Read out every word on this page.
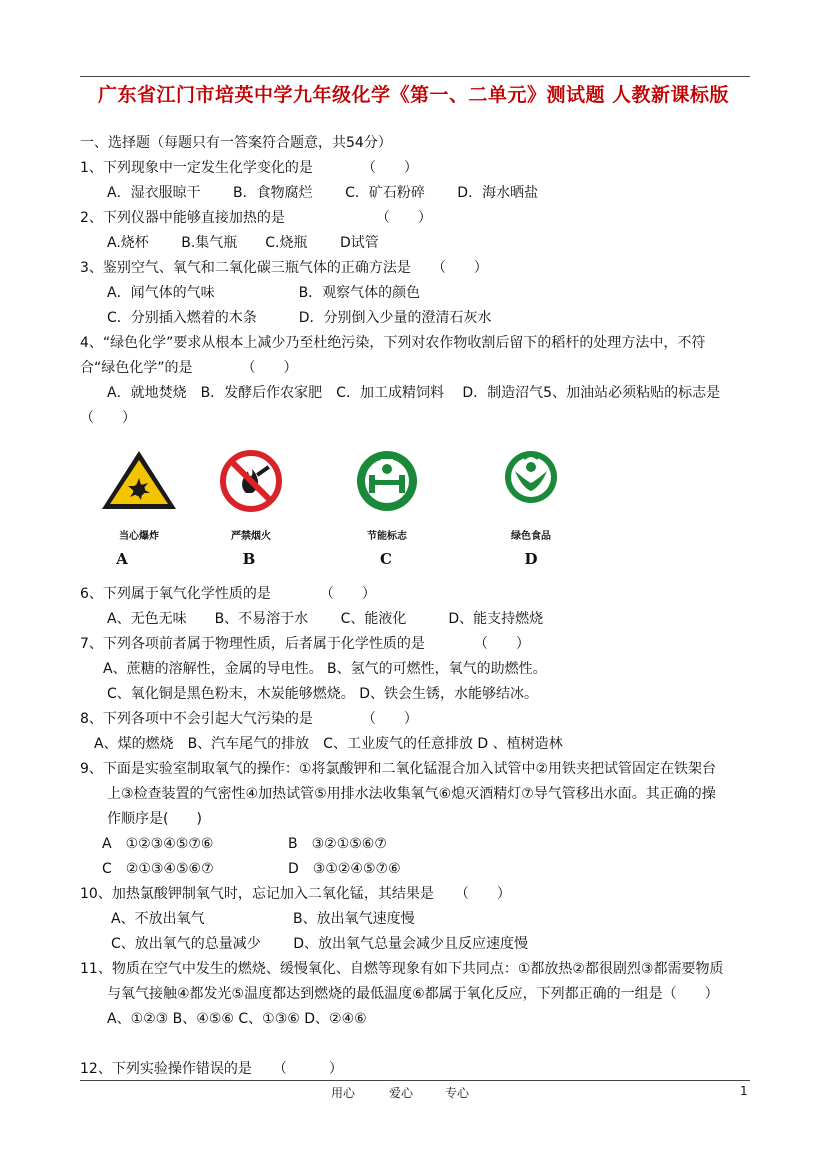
广东省江门市培英中学九年级化学《第一、二单元》测试题 人教新课标版
一、选择题（每题只有一答案符合题意，共54分）
1、下列现象中一定发生化学变化的是　　　　（　　）
A．湿衣服晾干　　 B．食物腐烂　　 C．矿石粉碎　　 D．海水晒盐
2、下列仪器中能够直接加热的是　　　　　　　（　　）
A.烧杯　　 B.集气瓶　　C.烧瓶　　 D试管
3、鉴别空气、氧气和二氧化碳三瓶气体的正确方法是　　（　　）
A．闻气体的气味　　　　　　B．观察气体的颜色
C．分别插入燃着的木条　　　D．分别倒入少量的澄清石灰水
4、“绿色化学”要求从根本上减少乃至杜绝污染，下列对农作物收割后留下的稻杆的处理方法中，不符
合“绿色化学”的是　　　　（　　）
A．就地焚烧　B．发酵后作农家肥　C．加工成精饲料　 D．制造沼气5、加油站必须粘贴的标志是
（　　）
当心爆炸	严禁烟火	节能标志	绿色食品
A	B	C	D
6、下列属于氧气化学性质的是　　　　（　　）
A、无色无味　　B、不易溶于水　　 C、能液化　　　D、能支持燃烧
7、下列各项前者属于物理性质，后者属于化学性质的是　　　　（　　）
A、蔗糖的溶解性，金属的导电性。 B、氢气的可燃性，氧气的助燃性。
C、氧化铜是黑色粉末，木炭能够燃烧。 D、铁会生锈，水能够结冰。
8、下列各项中不会引起大气污染的是　　　　（　　）
A、煤的燃烧　B、汽车尾气的排放　C、工业废气的任意排放 D 、植树造林
9、下面是实验室制取氧气的操作：①将氯酸钾和二氧化锰混合加入试管中②用铁夹把试管固定在铁架台
上③检查装置的气密性④加热试管⑤用排水法收集氧气⑥熄灭酒精灯⑦导气管移出水面。其正确的操
作顺序是(　　)
A　①②③④⑤⑦⑥	B　③②①⑤⑥⑦
C　②①③④⑤⑥⑦	D　③①②④⑤⑦⑥
10、加热氯酸钾制氧气时，忘记加入二氧化锰，其结果是　　（　　）
A、不放出氧气　　　　　　 B、放出氧气速度慢
C、放出氧气的总量减少　　 D、放出氧气总量会减少且反应速度慢
11、物质在空气中发生的燃烧、缓慢氧化、自燃等现象有如下共同点：①都放热②都很剧烈③都需要物质
与氧气接触④都发光⑤温度都达到燃烧的最低温度⑥都属于氧化反应，下列都正确的一组是（　　）
A、①②③ B、④⑤⑥ C、①③⑥ D、②④⑥
12、下列实验操作错误的是　　（　　　）
用心	爱心	专心	1
